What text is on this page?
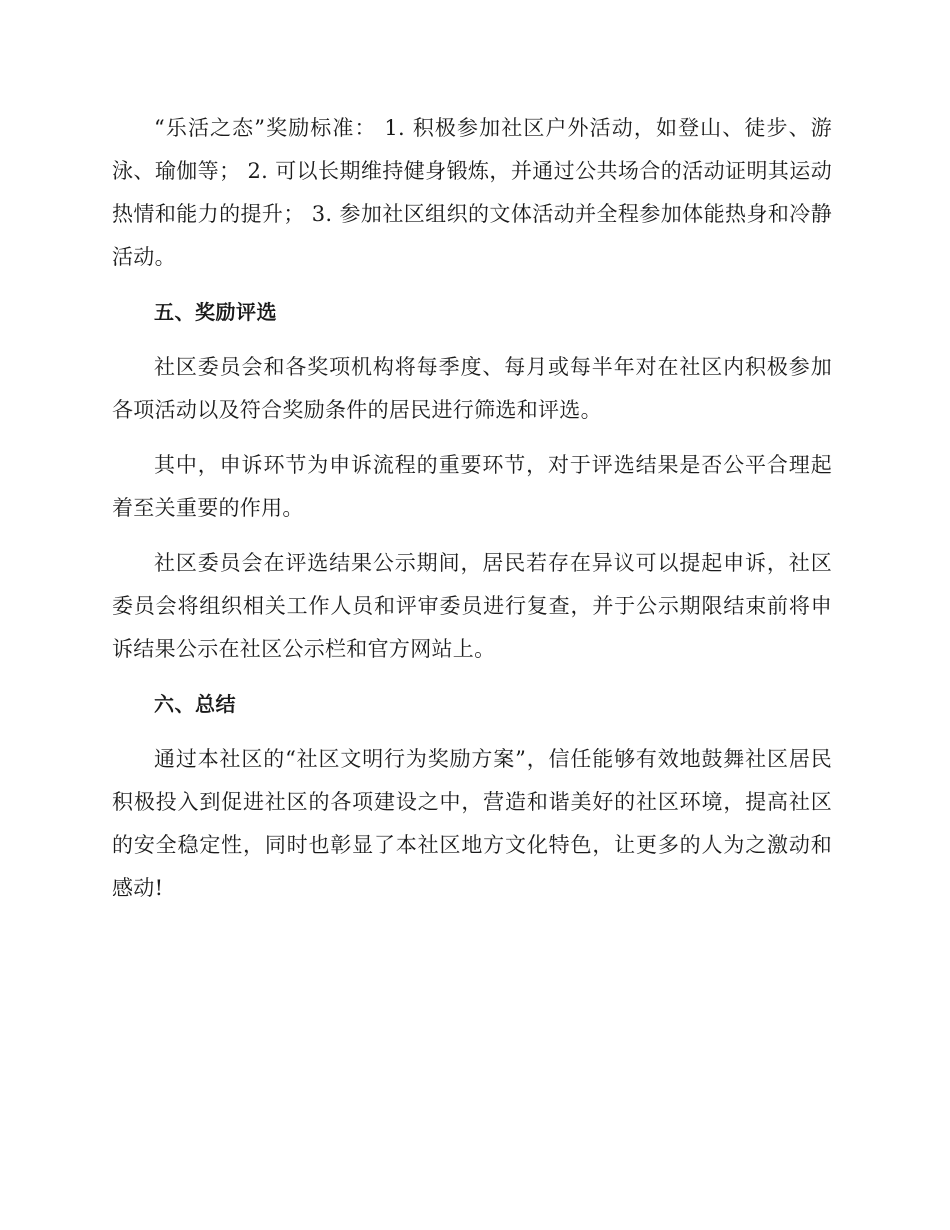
“乐活之态”奖励标准： 1. 积极参加社区户外活动，如登山、徒步、游泳、瑜伽等； 2. 可以长期维持健身锻炼，并通过公共场合的活动证明其运动热情和能力的提升； 3. 参加社区组织的文体活动并全程参加体能热身和冷静活动。

五、奖励评选

社区委员会和各奖项机构将每季度、每月或每半年对在社区内积极参加各项活动以及符合奖励条件的居民进行筛选和评选。

其中，申诉环节为申诉流程的重要环节，对于评选结果是否公平合理起着至关重要的作用。

社区委员会在评选结果公示期间，居民若存在异议可以提起申诉，社区委员会将组织相关工作人员和评审委员进行复查，并于公示期限结束前将申诉结果公示在社区公示栏和官方网站上。

六、总结

通过本社区的“社区文明行为奖励方案”，信任能够有效地鼓舞社区居民积极投入到促进社区的各项建设之中，营造和谐美好的社区环境，提高社区的安全稳定性，同时也彰显了本社区地方文化特色，让更多的人为之激动和感动!
